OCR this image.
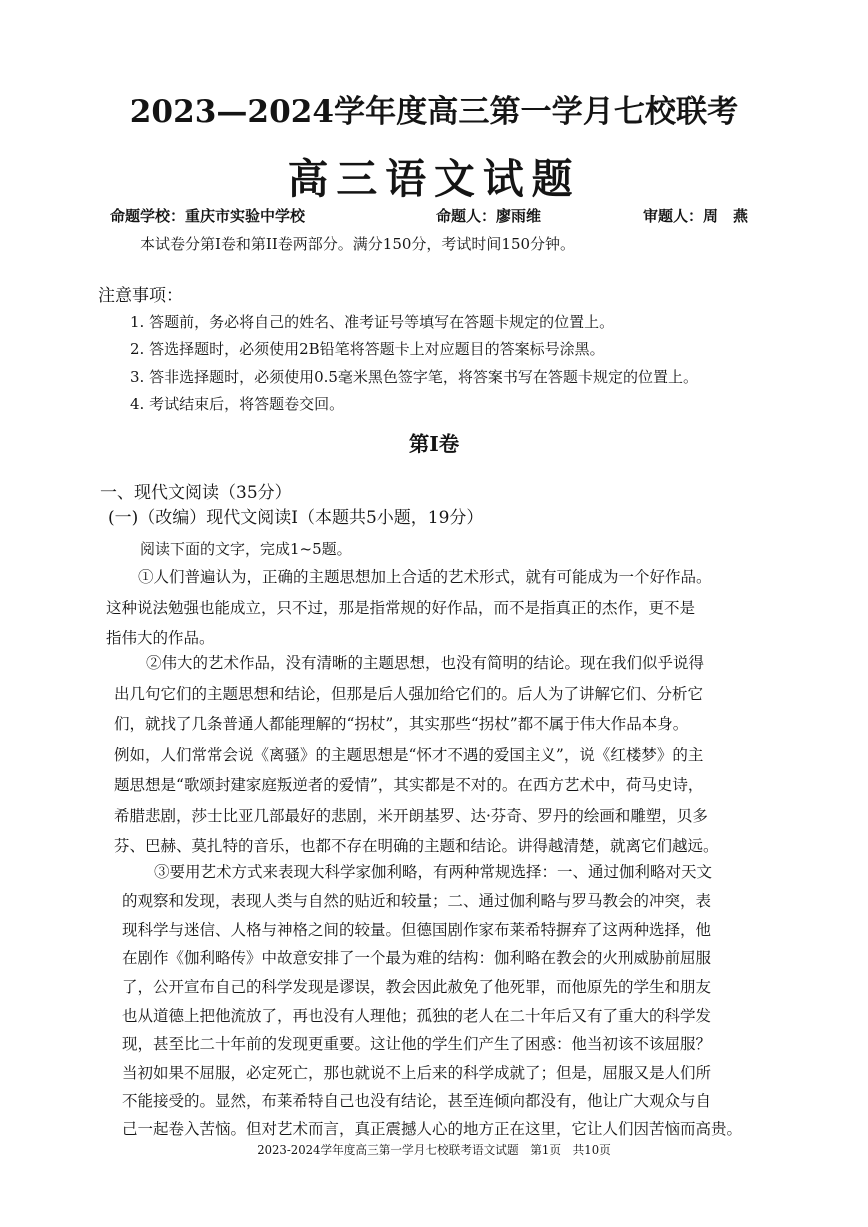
2023—2024学年度高三第一学月七校联考
高三语文试题
命题学校：重庆市实验中学校	命题人：廖雨维	审题人：周　燕
本试卷分第I卷和第II卷两部分。满分150分，考试时间150分钟。
注意事项：
1. 答题前，务必将自己的姓名、准考证号等填写在答题卡规定的位置上。
2. 答选择题时，必须使用2B铅笔将答题卡上对应题目的答案标号涂黑。
3. 答非选择题时，必须使用0.5毫米黑色签字笔，将答案书写在答题卡规定的位置上。
4. 考试结束后，将答题卷交回。
第I卷
一、现代文阅读（35分）
(一)（改编）现代文阅读I（本题共5小题，19分）
阅读下面的文字，完成1~5题。
①人们普遍认为，正确的主题思想加上合适的艺术形式，就有可能成为一个好作品。
这种说法勉强也能成立，只不过，那是指常规的好作品，而不是指真正的杰作，更不是
指伟大的作品。
②伟大的艺术作品，没有清晰的主题思想，也没有简明的结论。现在我们似乎说得
出几句它们的主题思想和结论，但那是后人强加给它们的。后人为了讲解它们、分析它
们，就找了几条普通人都能理解的“拐杖”，其实那些“拐杖”都不属于伟大作品本身。
例如，人们常常会说《离骚》的主题思想是“怀才不遇的爱国主义”，说《红楼梦》的主
题思想是“歌颂封建家庭叛逆者的爱情”，其实都是不对的。在西方艺术中，荷马史诗，
希腊悲剧，莎士比亚几部最好的悲剧，米开朗基罗、达·芬奇、罗丹的绘画和雕塑，贝多
芬、巴赫、莫扎特的音乐，也都不存在明确的主题和结论。讲得越清楚，就离它们越远。
③要用艺术方式来表现大科学家伽利略，有两种常规选择：一、通过伽利略对天文
的观察和发现，表现人类与自然的贴近和较量；二、通过伽利略与罗马教会的冲突，表
现科学与迷信、人格与神格之间的较量。但德国剧作家布莱希特摒弃了这两种选择，他
在剧作《伽利略传》中故意安排了一个最为难的结构：伽利略在教会的火刑威胁前屈服
了，公开宣布自己的科学发现是谬误，教会因此赦免了他死罪，而他原先的学生和朋友
也从道德上把他流放了，再也没有人理他；孤独的老人在二十年后又有了重大的科学发
现，甚至比二十年前的发现更重要。这让他的学生们产生了困惑：他当初该不该屈服？
当初如果不屈服，必定死亡，那也就说不上后来的科学成就了；但是，屈服又是人们所
不能接受的。显然，布莱希特自己也没有结论，甚至连倾向都没有，他让广大观众与自
己一起卷入苦恼。但对艺术而言，真正震撼人心的地方正在这里，它让人们因苦恼而高贵。
2023-2024学年度高三第一学月七校联考语文试题　第1页　共10页
